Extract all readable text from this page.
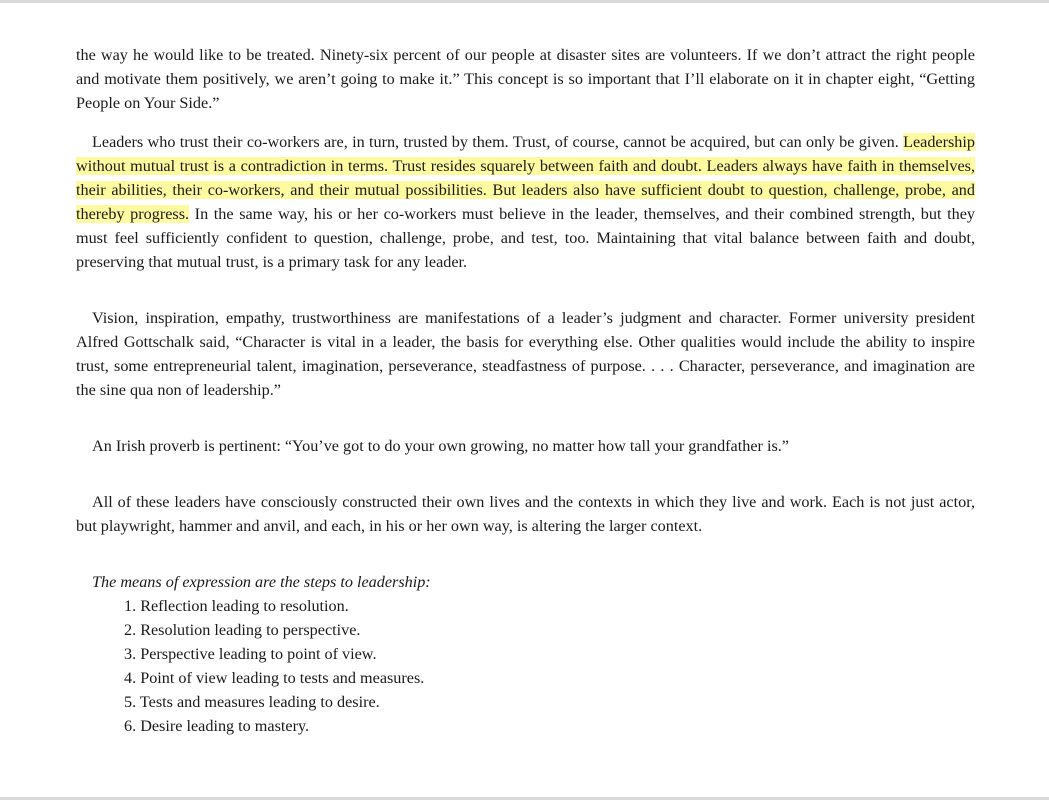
the way he would like to be treated. Ninety-six percent of our people at disaster sites are volunteers. If we don’t attract the right people and motivate them positively, we aren’t going to make it.” This concept is so important that I’ll elaborate on it in chapter eight, “Getting People on Your Side.”

Leaders who trust their co-workers are, in turn, trusted by them. Trust, of course, cannot be acquired, but can only be given. Leadership without mutual trust is a contradiction in terms. Trust resides squarely between faith and doubt. Leaders always have faith in themselves, their abilities, their co-workers, and their mutual possibilities. But leaders also have sufficient doubt to question, challenge, probe, and thereby progress. In the same way, his or her co-workers must believe in the leader, themselves, and their combined strength, but they must feel sufficiently confident to question, challenge, probe, and test, too. Maintaining that vital balance between faith and doubt, preserving that mutual trust, is a primary task for any leader.

Vision, inspiration, empathy, trustworthiness are manifestations of a leader’s judgment and character. Former university president Alfred Gottschalk said, “Character is vital in a leader, the basis for everything else. Other qualities would include the ability to inspire trust, some entrepreneurial talent, imagination, perseverance, steadfastness of purpose. . . . Character, perseverance, and imagination are the sine qua non of leadership.”

An Irish proverb is pertinent: “You’ve got to do your own growing, no matter how tall your grandfather is.”

All of these leaders have consciously constructed their own lives and the contexts in which they live and work. Each is not just actor, but playwright, hammer and anvil, and each, in his or her own way, is altering the larger context.

The means of expression are the steps to leadership:

1. Reflection leading to resolution.
2. Resolution leading to perspective.
3. Perspective leading to point of view.
4. Point of view leading to tests and measures.
5. Tests and measures leading to desire.
6. Desire leading to mastery.
